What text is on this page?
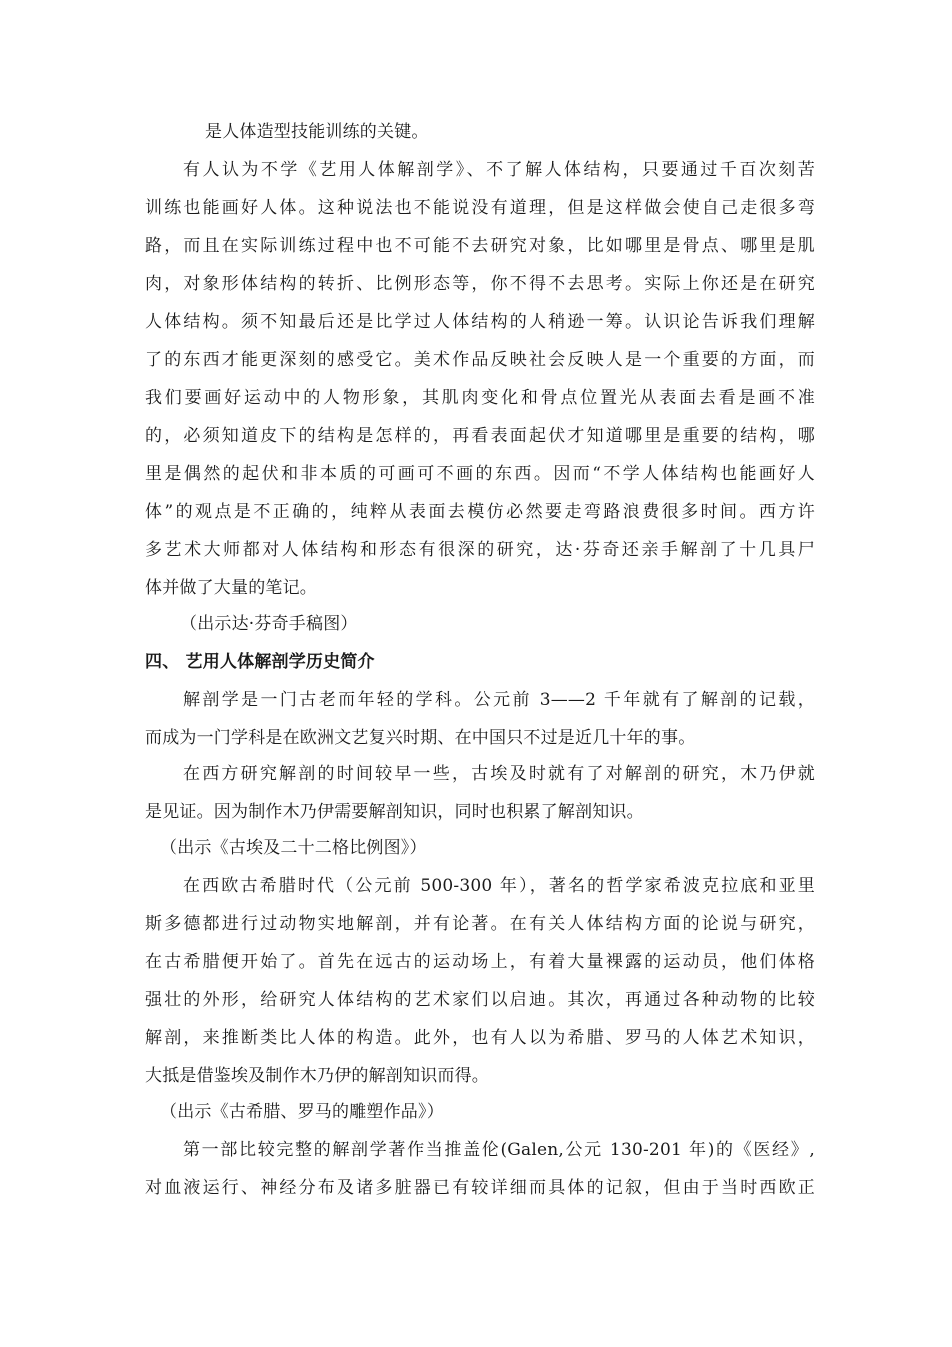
是人体造型技能训练的关键。
有人认为不学《艺用人体解剖学》、不了解人体结构，只要通过千百次刻苦
训练也能画好人体。这种说法也不能说没有道理，但是这样做会使自己走很多弯
路，而且在实际训练过程中也不可能不去研究对象，比如哪里是骨点、哪里是肌
肉，对象形体结构的转折、比例形态等，你不得不去思考。实际上你还是在研究
人体结构。须不知最后还是比学过人体结构的人稍逊一筹。认识论告诉我们理解
了的东西才能更深刻的感受它。美术作品反映社会反映人是一个重要的方面，而
我们要画好运动中的人物形象，其肌肉变化和骨点位置光从表面去看是画不准
的，必须知道皮下的结构是怎样的，再看表面起伏才知道哪里是重要的结构，哪
里是偶然的起伏和非本质的可画可不画的东西。因而“不学人体结构也能画好人
体”的观点是不正确的，纯粹从表面去模仿必然要走弯路浪费很多时间。西方许
多艺术大师都对人体结构和形态有很深的研究，达·芬奇还亲手解剖了十几具尸
体并做了大量的笔记。
（出示达·芬奇手稿图）
四、 艺用人体解剖学历史简介
解剖学是一门古老而年轻的学科。公元前 3——2 千年就有了解剖的记载，
而成为一门学科是在欧洲文艺复兴时期、在中国只不过是近几十年的事。
在西方研究解剖的时间较早一些，古埃及时就有了对解剖的研究，木乃伊就
是见证。因为制作木乃伊需要解剖知识，同时也积累了解剖知识。
（出示《古埃及二十二格比例图》）
在西欧古希腊时代（公元前 500-300 年），著名的哲学家希波克拉底和亚里
斯多德都进行过动物实地解剖，并有论著。在有关人体结构方面的论说与研究，
在古希腊便开始了。首先在远古的运动场上，有着大量裸露的运动员，他们体格
强壮的外形，给研究人体结构的艺术家们以启迪。其次，再通过各种动物的比较
解剖，来推断类比人体的构造。此外，也有人以为希腊、罗马的人体艺术知识，
大抵是借鉴埃及制作木乃伊的解剖知识而得。
（出示《古希腊、罗马的雕塑作品》）
第一部比较完整的解剖学著作当推盖伦(Galen,公元 130-201 年)的《医经》,
对血液运行、神经分布及诸多脏器已有较详细而具体的记叙，但由于当时西欧正
